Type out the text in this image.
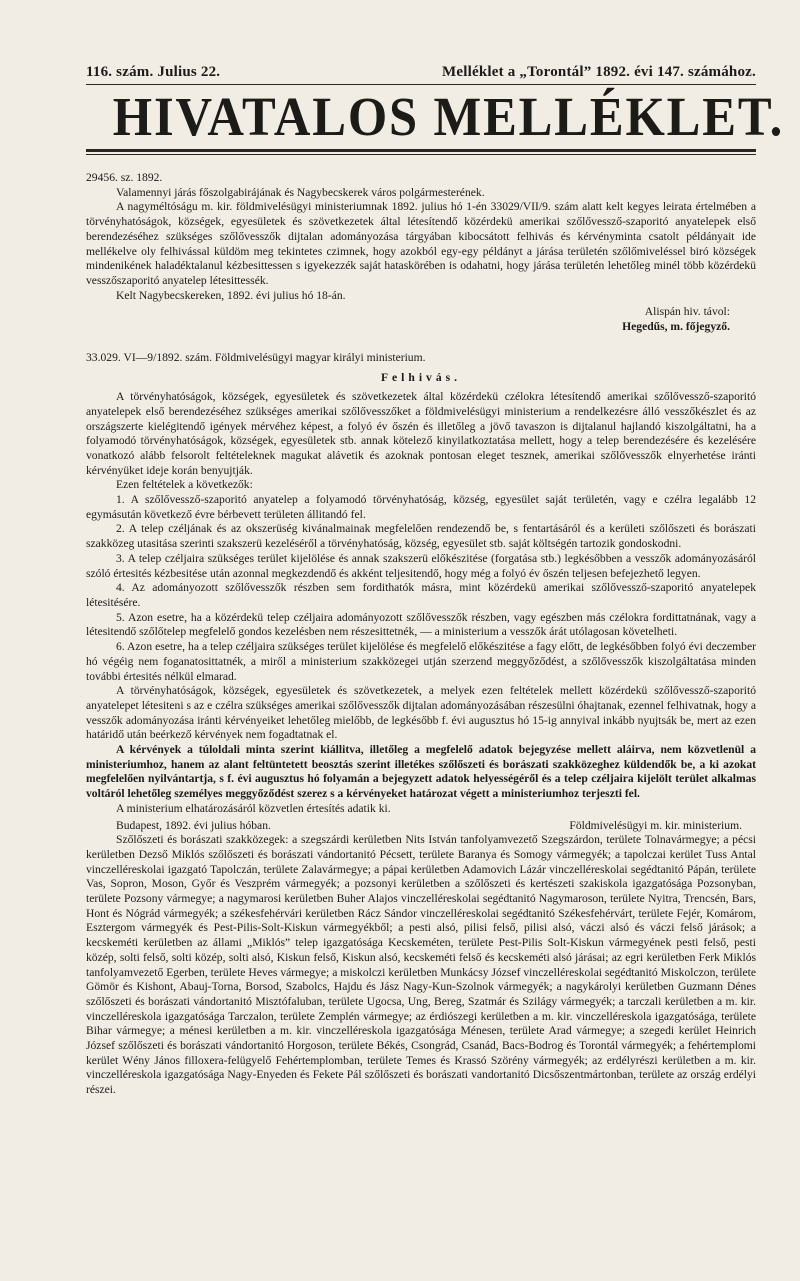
116. szám. Julius 22.	Melléklet a „Torontál” 1892. évi 147. számához.
HIVATALOS MELLÉKLET.

29456. sz. 1892.

Valamennyi járás főszolgabirájának és Nagybecskerek város polgármesterének.

A nagyméltóságu m. kir. földmivelésügyi ministeriumnak 1892. julius hó 1-én 33029/VII/9. szám alatt kelt kegyes leirata értelmében a törvényhatóságok, községek, egyesületek és szövetkezetek által létesítendő közérdekü amerikai szőlővessző-szaporitó anyatelepek első berendezéséhez szükséges szőlővesszők dijtalan adományozása tárgyában kibocsátott felhivás és kérvényminta csatolt példányait ide mellékelve oly felhivással küldöm meg tekintetes czimnek, hogy azokból egy-egy példányt a járása területén szőlőmiveléssel biró községek mindenikének haladéktalanul kézbesittessen s igyekezzék saját hataskörében is odahatni, hogy járása területén lehetőleg minél több közérdekü vesszőszaporitó anyatelep létesittessék.

Kelt Nagybecskereken, 1892. évi julius hó 18-án.

Alispán hiv. távol:
Hegedűs, m. főjegyző.

33.029. VI—9/1892. szám. Földmivelésügyi magyar királyi ministerium.

Felhivás.

A törvényhatóságok, községek, egyesületek és szövetkezetek által közérdekü czélokra létesítendő amerikai szőlővessző-szaporitó anyatelepek első berendezéséhez szükséges amerikai szőlővesszőket a földmivelésügyi ministerium a rendelkezésre álló vesszőkészlet és az országszerte kielégitendő igények mérvéhez képest, a folyó év őszén és illetőleg a jövő tavaszon is dijtalanul hajlandó kiszolgáltatni, ha a folyamodó törvényhatóságok, községek, egyesületek stb. annak kötelező kinyilatkoztatása mellett, hogy a telep berendezésére és kezelésére vonatkozó alább felsorolt feltételeknek magukat alávetik és azoknak pontosan eleget tesznek, amerikai szőlővesszők elnyerhetése iránti kérvényüket ideje korán benyujtják.

Ezen feltételek a következők:

1. A szőlővessző-szaporitó anyatelep a folyamodó törvényhatóság, község, egyesület saját területén, vagy e czélra legalább 12 egymásután következő évre bérbevett területen állitandó fel.

2. A telep czéljának és az okszerüség kivánalmainak megfelelően rendezendő be, s fentartásáról és a kerületi szőlőszeti és borászati szakközeg utasitása szerinti szakszerü kezeléséről a törvényhatóság, község, egyesület stb. saját költségén tartozik gondoskodni.

3. A telep czéljaira szükséges terület kijelölése és annak szakszerü előkészitése (forgatása stb.) legkésőbben a vesszők adományozásáról szóló értesités kézbesitése után azonnal megkezdendő és akként teljesitendő, hogy még a folyó év őszén teljesen befejezhető legyen.

4. Az adományozott szőlővesszők részben sem fordithatók másra, mint közérdekü amerikai szőlővessző-szaporitó anyatelepek létesitésére.

5. Azon esetre, ha a közérdekü telep czéljaira adományozott szőlővesszők részben, vagy egészben más czélokra fordittatnának, vagy a létesitendő szőlőtelep megfelelő gondos kezelésben nem részesittetnék, — a ministerium a vesszők árát utólagosan követelheti.

6. Azon esetre, ha a telep czéljaira szükséges terület kijelölése és megfelelő előkészitése a fagy előtt, de legkésőbben folyó évi deczember hó végéig nem foganatosittatnék, a miről a ministerium szakközegei utján szerzend meggyőződést, a szőlővesszők kiszolgáltatása minden további értesités nélkül elmarad.

A törvényhatóságok, községek, egyesületek és szövetkezetek, a melyek ezen feltételek mellett közérdekü szőlővessző-szaporitó anyatelepet létesiteni s az e czélra szükséges amerikai szőlővesszők dijtalan adományozásában részesülni óhajtanak, ezennel felhivatnak, hogy a vesszők adományozása iránti kérvényeiket lehetőleg mielőbb, de legkésőbb f. évi augusztus hó 15-ig annyival inkább nyujtsák be, mert az ezen határidő után beérkező kérvények nem fogadtatnak el.

A kérvények a túloldali minta szerint kiállitva, illetőleg a megfelelő adatok bejegyzése mellett aláirva, nem közvetlenül a ministeriumhoz, hanem az alant feltüntetett beosztás szerint illetékes szőlőszeti és borászati szakközeghez küldendők be, a ki azokat megfelelően nyilvántartja, s f. évi augusztus hó folyamán a bejegyzett adatok helyességéről és a telep czéljaira kijelölt terület alkalmas voltáról lehetőleg személyes meggyőződést szerez s a kérvényeket határozat végett a ministeriumhoz terjeszti fel.

A ministerium elhatározásáról közvetlen értesítés adatik ki.

Budapest, 1892. évi julius hóban.	Földmivelésügyi m. kir. ministerium.

Szőlőszeti és borászati szakközegek: a szegszárdi kerületben Nits István tanfolyamvezető Szegszárdon, területe Tolnavármegye; a pécsi kerületben Dezső Miklós szőlőszeti és borászati vándortanitó Pécsett, területe Baranya és Somogy vármegyék; a tapolczai kerület Tuss Antal vinczelléreskolai igazgató Tapolczán, területe Zalavármegye; a pápai kerületben Adamovich Lázár vinczelléreskolai segédtanitó Pápán, területe Vas, Sopron, Moson, Győr és Veszprém vármegyék; a pozsonyi kerületben a szőlőszeti és kertészeti szakiskola igazgatósága Pozsonyban, területe Pozsony vármegye; a nagymarosi kerületben Buher Alajos vinczelléreskolai segédtanitó Nagymaroson, területe Nyitra, Trencsén, Bars, Hont és Nógrád vármegyék; a székesfehérvári kerületben Rácz Sándor vinczelléreskolai segédtanitó Székesfehérvárt, területe Fejér, Komárom, Esztergom vármegyék és Pest-Pilis-Solt-Kiskun vármegyékből; a pesti alsó, pilisi felső, pilisi alsó, váczi alsó és váczi felső járások; a kecskeméti kerületben az állami „Miklós” telep igazgatósága Kecskeméten, területe Pest-Pilis Solt-Kiskun vármegyének pesti felső, pesti közép, solti felső, solti közép, solti alsó, Kiskun felső, Kiskun alsó, kecskeméti felső és kecskeméti alsó járásai; az egri kerületben Ferk Miklós tanfolyamvezető Egerben, területe Heves vármegye; a miskolczi kerületben Munkácsy József vinczelléreskolai segédtanitó Miskolczon, területe Gömör és Kishont, Abauj-Torna, Borsod, Szabolcs, Hajdu és Jász Nagy-Kun-Szolnok vármegyék; a nagykárolyi kerületben Guzmann Dénes szőlőszeti és borászati vándortanitó Misztófaluban, területe Ugocsa, Ung, Bereg, Szatmár és Szilágy vármegyék; a tarczali kerületben a m. kir. vinczelléreskola igazgatósága Tarczalon, területe Zemplén vármegye; az érdiószegi kerületben a m. kir. vinczelléreskola igazgatósága, területe Bihar vármegye; a ménesi kerületben a m. kir. vinczelléreskola igazgatósága Ménesen, területe Arad vármegye; a szegedi kerület Heinrich József szőlőszeti és borászati vándortanitó Horgoson, területe Békés, Csongrád, Csanád, Bacs-Bodrog és Torontál vármegyék; a fehértemplomi kerület Wény János filloxera-felügyelő Fehértemplomban, területe Temes és Krassó Szörény vármegyék; az erdélyrészi kerületben a m. kir. vinczelléreskola igazgatósága Nagy-Enyeden és Fekete Pál szőlőszeti és borászati vandortanitó Dicsőszentmártonban, területe az ország erdélyi részei.
